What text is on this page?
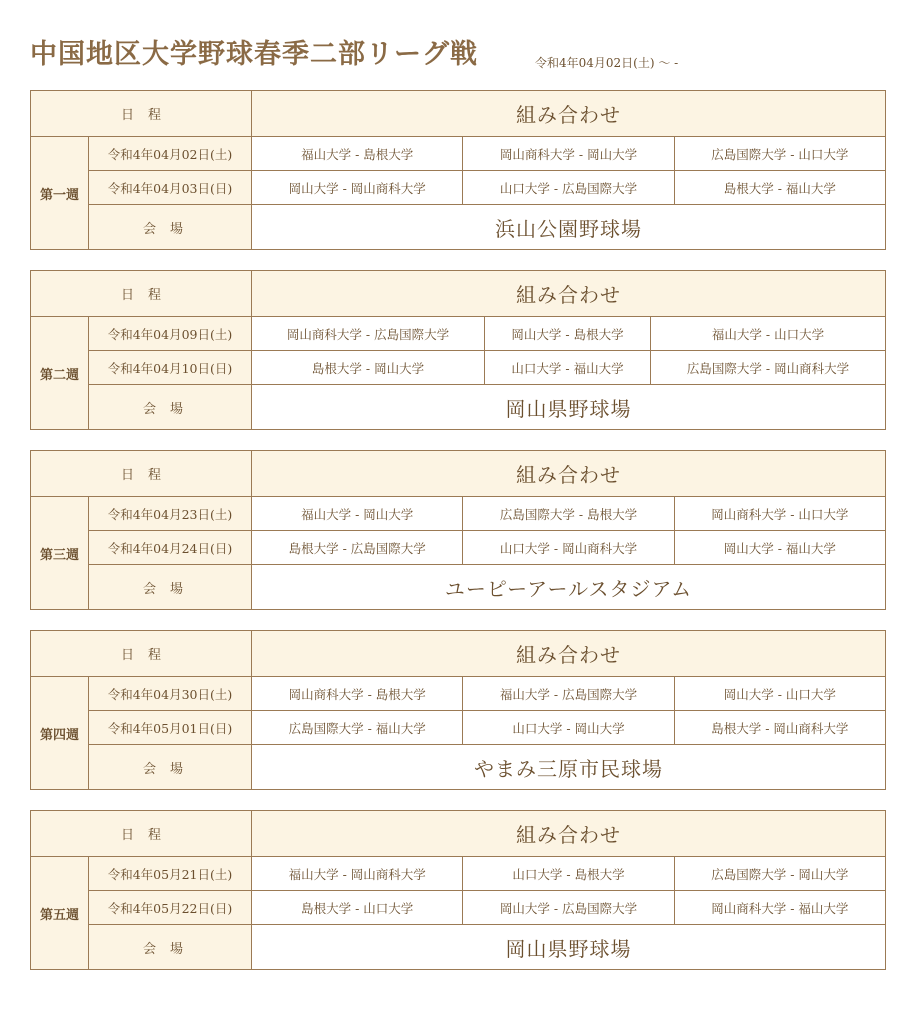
中国地区大学野球春季二部リーグ戦	令和4年04月02日(土) ～ -
日程		組み合わせ		
第一週	令和4年04月02日(土)	福山大学 - 島根大学	岡山商科大学 - 岡山大学	広島国際大学 - 山口大学
	令和4年04月03日(日)	岡山大学 - 岡山商科大学	山口大学 - 広島国際大学	島根大学 - 福山大学
	会場	浜山公園野球場		
日程		組み合わせ		
第二週	令和4年04月09日(土)	岡山商科大学 - 広島国際大学	岡山大学 - 島根大学	福山大学 - 山口大学
	令和4年04月10日(日)	島根大学 - 岡山大学	山口大学 - 福山大学	広島国際大学 - 岡山商科大学
	会場	岡山県野球場		
日程		組み合わせ		
第三週	令和4年04月23日(土)	福山大学 - 岡山大学	広島国際大学 - 島根大学	岡山商科大学 - 山口大学
	令和4年04月24日(日)	島根大学 - 広島国際大学	山口大学 - 岡山商科大学	岡山大学 - 福山大学
	会場	ユーピーアールスタジアム		
日程		組み合わせ		
第四週	令和4年04月30日(土)	岡山商科大学 - 島根大学	福山大学 - 広島国際大学	岡山大学 - 山口大学
	令和4年05月01日(日)	広島国際大学 - 福山大学	山口大学 - 岡山大学	島根大学 - 岡山商科大学
	会場	やまみ三原市民球場		
日程		組み合わせ		
第五週	令和4年05月21日(土)	福山大学 - 岡山商科大学	山口大学 - 島根大学	広島国際大学 - 岡山大学
	令和4年05月22日(日)	島根大学 - 山口大学	岡山大学 - 広島国際大学	岡山商科大学 - 福山大学
	会場	岡山県野球場		
